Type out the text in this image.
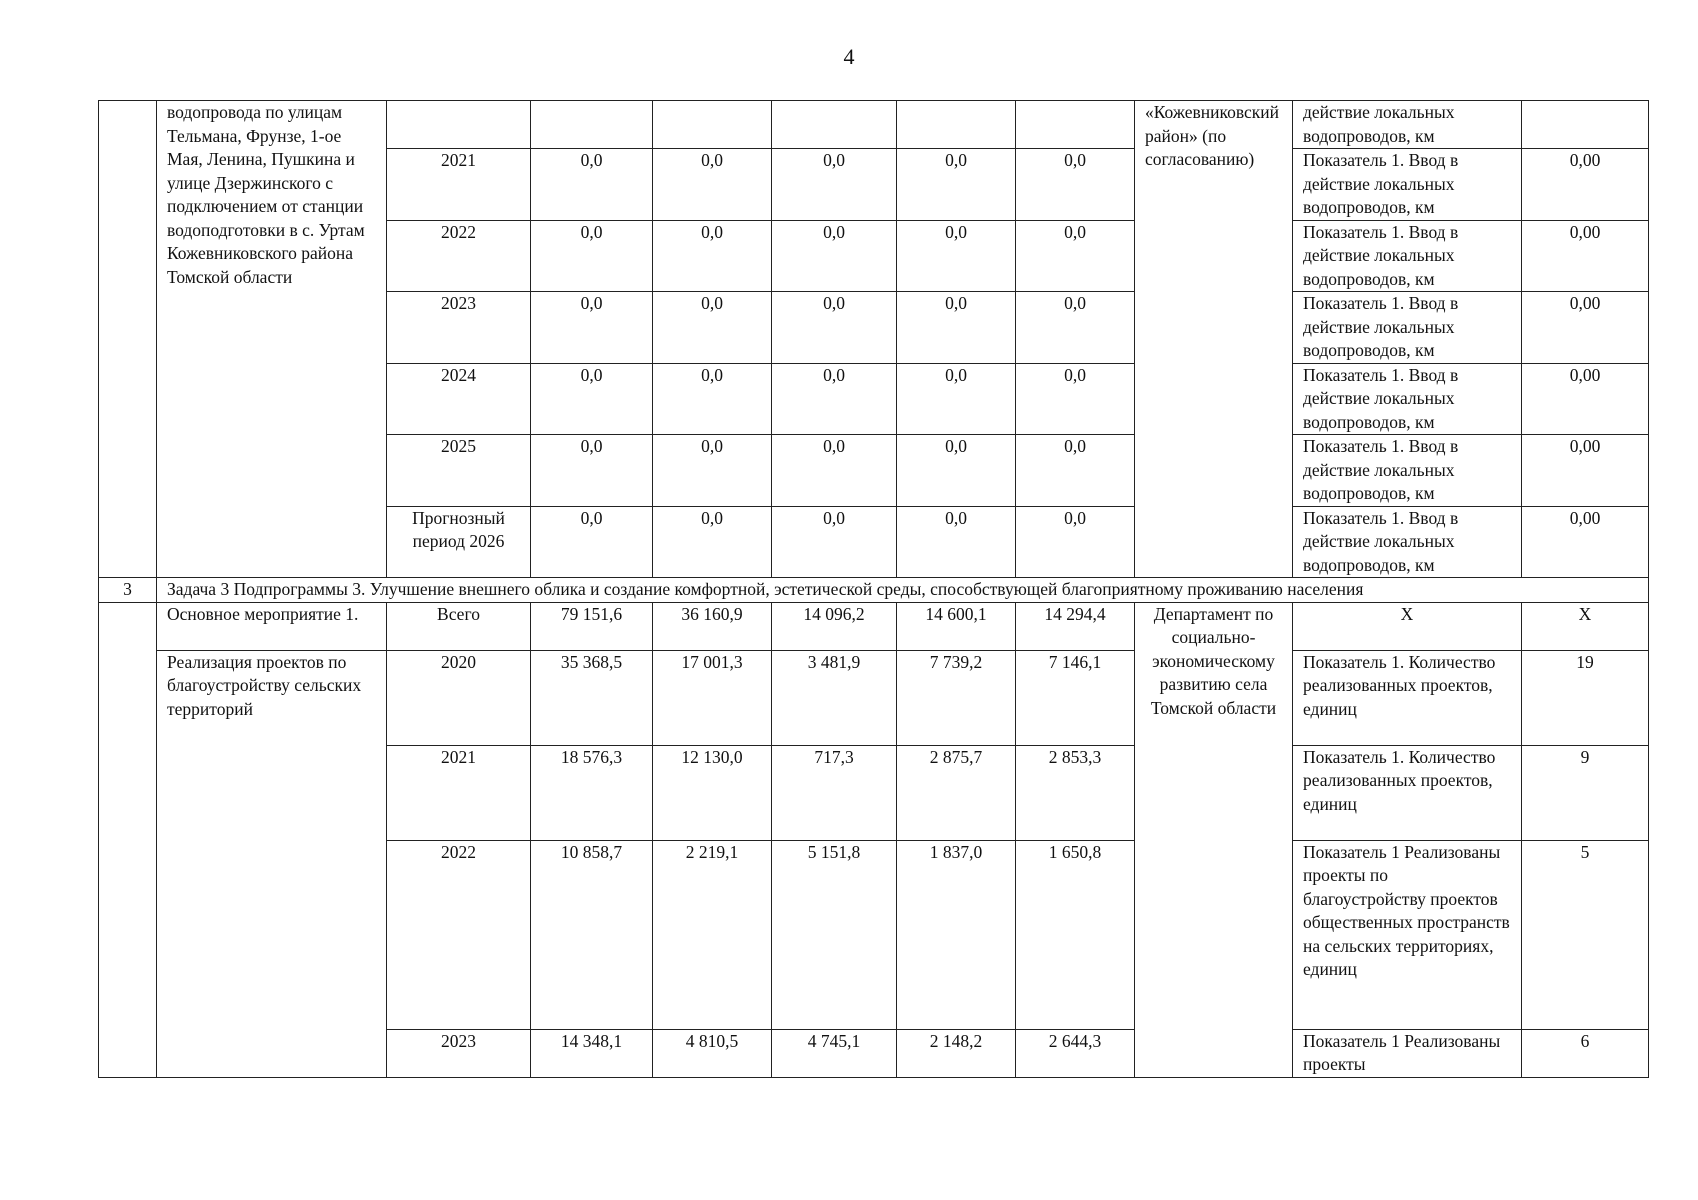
4
	водопровода по улицам Тельмана, Фрунзе, 1-ое Мая, Ленина, Пушкина и улице Дзержинского с подключением от станции водоподготовки в с. Уртам Кожевниковского района Томской области							«Кожевниковский район» (по согласованию)	действие локальных водопроводов, км	
		2021	0,0	0,0	0,0	0,0	0,0		Показатель 1. Ввод в действие локальных водопроводов, км	0,00
		2022	0,0	0,0	0,0	0,0	0,0		Показатель 1. Ввод в действие локальных водопроводов, км	0,00
		2023	0,0	0,0	0,0	0,0	0,0		Показатель 1. Ввод в действие локальных водопроводов, км	0,00
		2024	0,0	0,0	0,0	0,0	0,0		Показатель 1. Ввод в действие локальных водопроводов, км	0,00
		2025	0,0	0,0	0,0	0,0	0,0		Показатель 1. Ввод в действие локальных водопроводов, км	0,00
		Прогнозный период 2026	0,0	0,0	0,0	0,0	0,0		Показатель 1. Ввод в действие локальных водопроводов, км	0,00
3	Задача 3 Подпрограммы 3. Улучшение внешнего облика и создание комфортной, эстетической среды, способствующей благоприятному проживанию населения									
	Основное мероприятие 1.	Всего	79 151,6	36 160,9	14 096,2	14 600,1	14 294,4	Департамент по социально-экономическому развитию села Томской области	Х	Х
	Реализация проектов по благоустройству сельских территорий	2020	35 368,5	17 001,3	3 481,9	7 739,2	7 146,1		Показатель 1. Количество реализованных проектов, единиц	19
		2021	18 576,3	12 130,0	717,3	2 875,7	2 853,3		Показатель 1. Количество реализованных проектов, единиц	9
		2022	10 858,7	2 219,1	5 151,8	1 837,0	1 650,8		Показатель 1 Реализованы проекты по благоустройству проектов общественных пространств на сельских территориях, единиц	5
		2023	14 348,1	4 810,5	4 745,1	2 148,2	2 644,3		Показатель 1 Реализованы проекты	6
